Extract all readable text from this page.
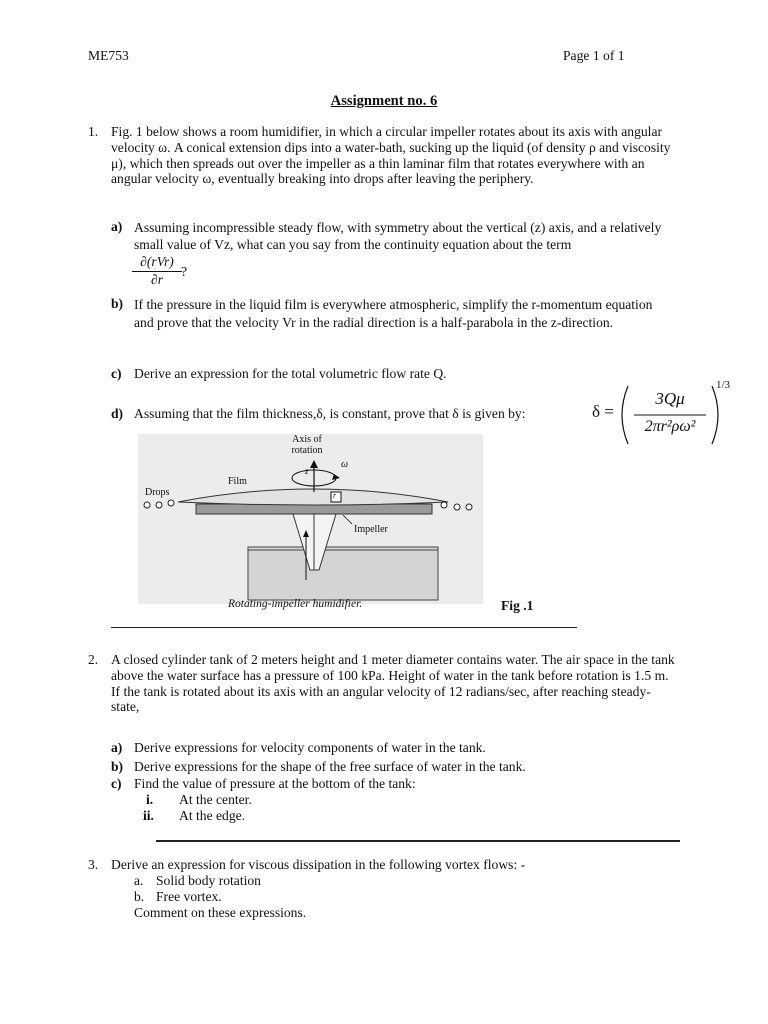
ME753	Page 1 of 1
Assignment no. 6
1. Fig. 1 below shows a room humidifier, in which a circular impeller rotates about its axis with angular velocity ω. A conical extension dips into a water-bath, sucking up the liquid (of density ρ and viscosity μ), which then spreads out over the impeller as a thin laminar film that rotates everywhere with an angular velocity ω, eventually breaking into drops after leaving the periphery.
a) Assuming incompressible steady flow, with symmetry about the vertical (z) axis, and a relatively small value of Vz, what can you say from the continuity equation about the term
∂(rVr)
∂r
?
b) If the pressure in the liquid film is everywhere atmospheric, simplify the r-momentum equation and prove that the velocity Vr in the radial direction is a half-parabola in the z-direction.
c) Derive an expression for the total volumetric flow rate Q.
d) Assuming that the film thickness,δ, is constant, prove that δ is given by:	δ =
3Qμ
2πr²ρω²
1/3
Axis of rotation
ω
z
r
Film
Drops
Impeller
Rotating-impeller humidifier.	Fig .1
2. A closed cylinder tank of 2 meters height and 1 meter diameter contains water. The air space in the tank above the water surface has a pressure of 100 kPa. Height of water in the tank before rotation is 1.5 m. If the tank is rotated about its axis with an angular velocity of 12 radians/sec, after reaching steady-state,
a) Derive expressions for velocity components of water in the tank.
b) Derive expressions for the shape of the free surface of water in the tank.
c) Find the value of pressure at the bottom of the tank:
i. At the center.
ii. At the edge.
3. Derive an expression for viscous dissipation in the following vortex flows: -
a. Solid body rotation
b. Free vortex.
Comment on these expressions.
